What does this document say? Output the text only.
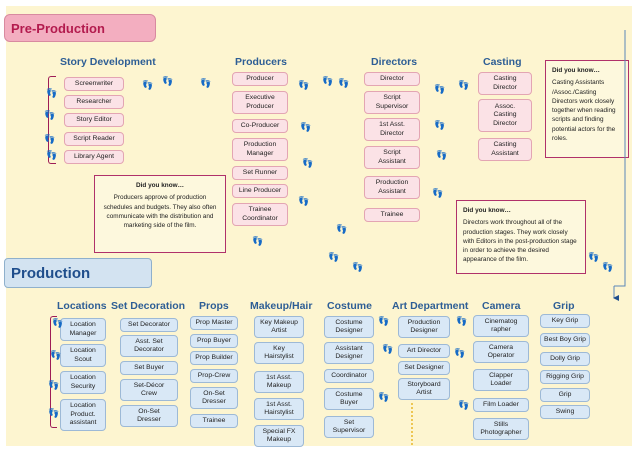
Pre-Production
Production
Story Development	Producers	Directors	Casting
Screenwriter
Researcher
Story Editor
Script Reader
Library Agent
Producer
Executive
Producer
Co-Producer
Production
Manager
Set Runner
Line Producer
Trainee
Coordinator
Director
Script
Supervisor
1st Asst.
Director
Script
Assistant
Production
Assistant
Trainee
Casting
Director
Assoc.
Casting
Director
Casting
Assistant
Did you know…
Casting Assistants /Assoc./Casting Directors work closely together when reading scripts and finding potential actors for the roles.
Did you know…
Producers approve of production schedules and budgets. They also often communicate with the distribution and marketing side of the film.
Did you know…
Directors work throughout all of the production stages. They work closely with Editors in the post-production stage in order to achieve the desired appearance of the film.
Locations Set Decoration Props Makeup/Hair Costume Art Department Camera	Grip
Location
Manager
Location
Scout
Location
Security
Location
Product.
assistant
Set Decorator
Asst. Set
Decorator
Set Buyer
Set-Décor
Crew
On-Set
Dresser
Prop Master
Prop Buyer
Prop Builder
Prop-Crew
On-Set
Dresser
Trainee
Key Makeup
Artist
Key
Hairstylist
1st Asst.
Makeup
1st Asst.
Hairstylist
Special FX
Makeup
Costume
Designer
Assistant
Designer
Coordinator
Costume
Buyer
Set
Supervisor
Production
Designer
Art Director
Set Designer
Storyboard
Artist
Cinematog
rapher
Camera
Operator
Clapper
Loader
Film Loader
Stills
Photographer
Key Grip
Best Boy Grip
Dolly Grip
Rigging Grip
Grip
Swing
👣
👣
👣
👣
👣 👣	👣	👣 👣 👣
👣 👣
👣
👣
👣
👣
👣
👣
👣
👣
👣
👣
👣
👣
👣
👣
👣
👣
👣
👣
👣
👣
👣
👣
